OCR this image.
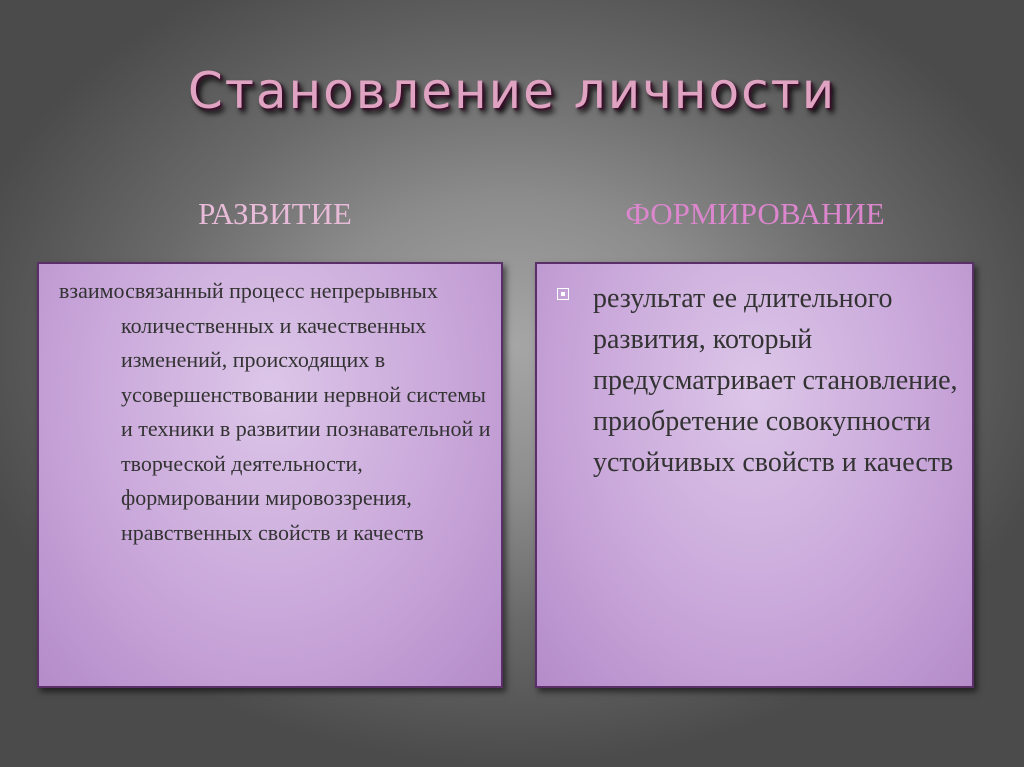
Становление личности
РАЗВИТИЕ	ФОРМИРОВАНИЕ

взаимосвязанный процесс непрерывных количественных и качественных изменений, происходящих в усовершенствовании нервной системы и техники в развитии познавательной и творческой деятельности, формировании мировоззрения, нравственных свойств и качеств

результат ее длительного развития, который предусматривает становление, приобретение совокупности устойчивых свойств и качеств
